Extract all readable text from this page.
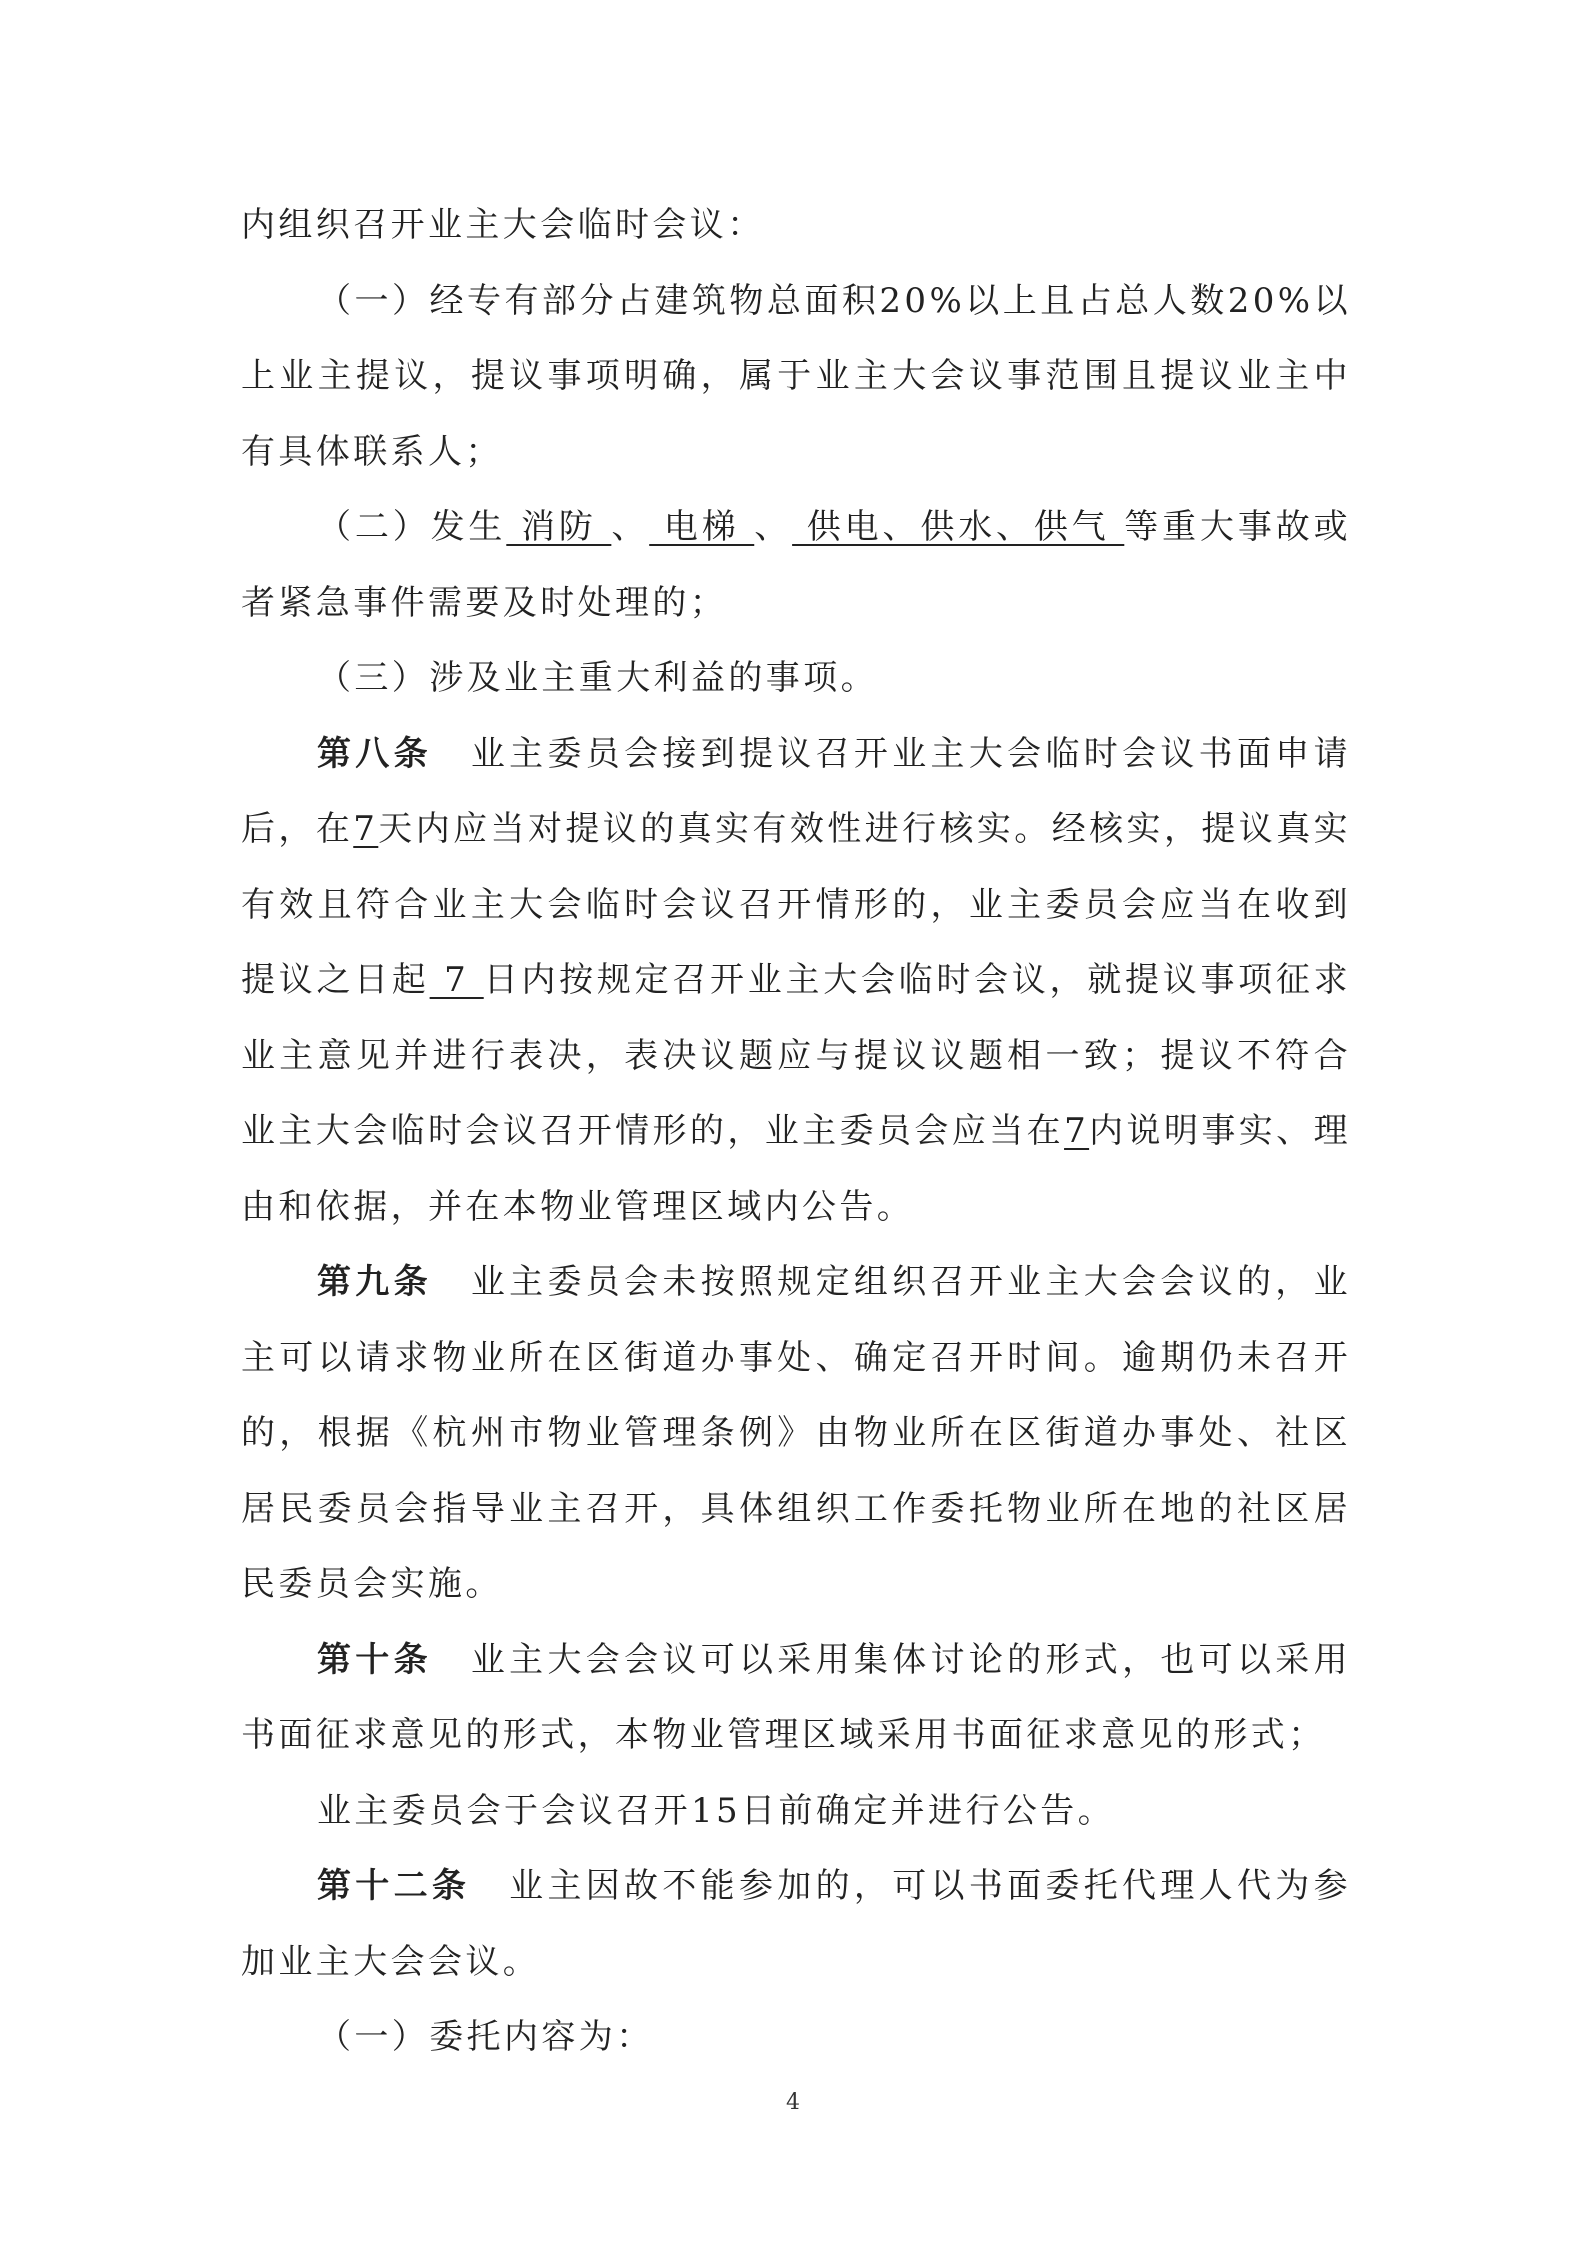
内组织召开业主大会临时会议：

（一）经专有部分占建筑物总面积20%以上且占总人数20%以上业主提议，提议事项明确，属于业主大会议事范围且提议业主中有具体联系人；

（二）发生 消防 、 电梯 、 供电、供水、供气 等重大事故或者紧急事件需要及时处理的；

（三）涉及业主重大利益的事项。

第八条 业主委员会接到提议召开业主大会临时会议书面申请后，在7天内应当对提议的真实有效性进行核实。经核实，提议真实有效且符合业主大会临时会议召开情形的，业主委员会应当在收到提议之日起 7 日内按规定召开业主大会临时会议，就提议事项征求业主意见并进行表决，表决议题应与提议议题相一致；提议不符合业主大会临时会议召开情形的，业主委员会应当在7内说明事实、理由和依据，并在本物业管理区域内公告。

第九条 业主委员会未按照规定组织召开业主大会会议的，业主可以请求物业所在区街道办事处、确定召开时间。逾期仍未召开的，根据《杭州市物业管理条例》由物业所在区街道办事处、社区居民委员会指导业主召开，具体组织工作委托物业所在地的社区居民委员会实施。

第十条 业主大会会议可以采用集体讨论的形式，也可以采用书面征求意见的形式，本物业管理区域采用书面征求意见的形式；

业主委员会于会议召开15日前确定并进行公告。

第十二条 业主因故不能参加的，可以书面委托代理人代为参加业主大会会议。

（一）委托内容为：

4
